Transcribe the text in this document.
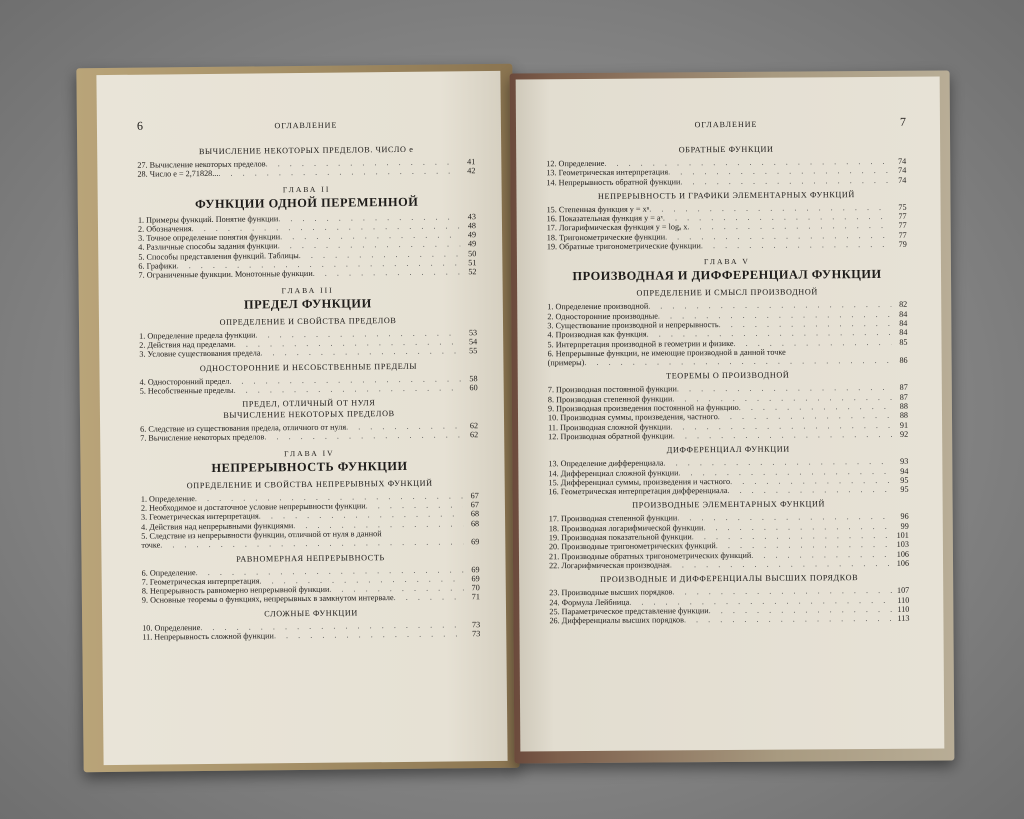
6	ОГЛАВЛЕНИЕ
ВЫЧИСЛЕНИЕ НЕКОТОРЫХ ПРЕДЕЛОВ. ЧИСЛО e
27. Вычисление некоторых пределов . . .	41
28. Число e = 2,71828... . . .	42
ГЛАВА II
ФУНКЦИИ ОДНОЙ ПЕРЕМЕННОЙ
1. Примеры функций. Понятие функции . . .	43
2. Обозначения . . .	48
3. Точное определение понятия функции . . .	49
4. Различные способы задания функции . . .	49
5. Способы представления функций. Таблицы . . .	50
6. Графики . . .	51
7. Ограниченные функции. Монотонные функции . . .	52
ГЛАВА III
ПРЕДЕЛ ФУНКЦИИ
ОПРЕДЕЛЕНИЕ И СВОЙСТВА ПРЕДЕЛОВ
1. Определение предела функции . . .	53
2. Действия над пределами . . .	54
3. Условие существования предела . . .	55
ОДНОСТОРОННИЕ И НЕСОБСТВЕННЫЕ ПРЕДЕЛЫ
4. Односторонний предел . . .	58
5. Несобственные пределы . . .	60
ПРЕДЕЛ, ОТЛИЧНЫЙ ОТ НУЛЯ
ВЫЧИСЛЕНИЕ НЕКОТОРЫХ ПРЕДЕЛОВ
6. Следствие из существования предела, отличного от нуля . . .	62
7. Вычисление некоторых пределов . . .	62
ГЛАВА IV
НЕПРЕРЫВНОСТЬ ФУНКЦИИ
ОПРЕДЕЛЕНИЕ И СВОЙСТВА НЕПРЕРЫВНЫХ ФУНКЦИЙ
1. Определение . . .	67
2. Необходимое и достаточное условие непрерывности функции . . .	67
3. Геометрическая интерпретация . . .	68
4. Действия над непрерывными функциями . . .	68
5. Следствие из непрерывности функции, отличной от нуля в данной
точке . . .	69
РАВНОМЕРНАЯ НЕПРЕРЫВНОСТЬ
6. Определение . . .	69
7. Геометрическая интерпретация . . .	69
8. Непрерывность равномерно непрерывной функции . . .	70
9. Основные теоремы о функциях, непрерывных в замкнутом интервале . . .	71
СЛОЖНЫЕ ФУНКЦИИ
10. Определение . . .	73
11. Непрерывность сложной функции . . .	73
ОГЛАВЛЕНИЕ	7
ОБРАТНЫЕ ФУНКЦИИ
12. Определение . . .	74
13. Геометрическая интерпретация . . .	74
14. Непрерывность обратной функции . . .	74
НЕПРЕРЫВНОСТЬ И ГРАФИКИ ЭЛЕМЕНТАРНЫХ ФУНКЦИЙ
15. Степенная функция y = xⁿ . . .	75
16. Показательная функция y = aˣ . . .	77
17. Логарифмическая функция y = logₐ x . . .	77
18. Тригонометрические функции . . .	77
19. Обратные тригонометрические функции . . .	79
ГЛАВА V
ПРОИЗВОДНАЯ И ДИФФЕРЕНЦИАЛ ФУНКЦИИ
ОПРЕДЕЛЕНИЕ И СМЫСЛ ПРОИЗВОДНОЙ
1. Определение производной . . .	82
2. Односторонние производные . . .	84
3. Существование производной и непрерывность . . .	84
4. Производная как функция . . .	84
5. Интерпретация производной в геометрии и физике . . .	85
6. Непрерывные функции, не имеющие производной в данной точке
(примеры) . . .	86
ТЕОРЕМЫ О ПРОИЗВОДНОЙ
7. Производная постоянной функции . . .	87
8. Производная степенной функции . . .	87
9. Производная произведения постоянной на функцию . . .	88
10. Производная суммы, произведения, частного . . .	88
11. Производная сложной функции . . .	91
12. Производная обратной функции . . .	92
ДИФФЕРЕНЦИАЛ ФУНКЦИИ
13. Определение дифференциала . . .	93
14. Дифференциал сложной функции . . .	94
15. Дифференциал суммы, произведения и частного . . .	95
16. Геометрическая интерпретация дифференциала . . .	95
ПРОИЗВОДНЫЕ ЭЛЕМЕНТАРНЫХ ФУНКЦИЙ
17. Производная степенной функции . . .	96
18. Производная логарифмической функции . . .	99
19. Производная показательной функции . . .	101
20. Производные тригонометрических функций . . .	103
21. Производные обратных тригонометрических функций . . .	106
22. Логарифмическая производная . . .	106
ПРОИЗВОДНЫЕ И ДИФФЕРЕНЦИАЛЫ ВЫСШИХ ПОРЯДКОВ
23. Производные высших порядков . . .	107
24. Формула Лейбница . . .	110
25. Параметрическое представление функции . . .	110
26. Дифференциалы высших порядков . . .	113
